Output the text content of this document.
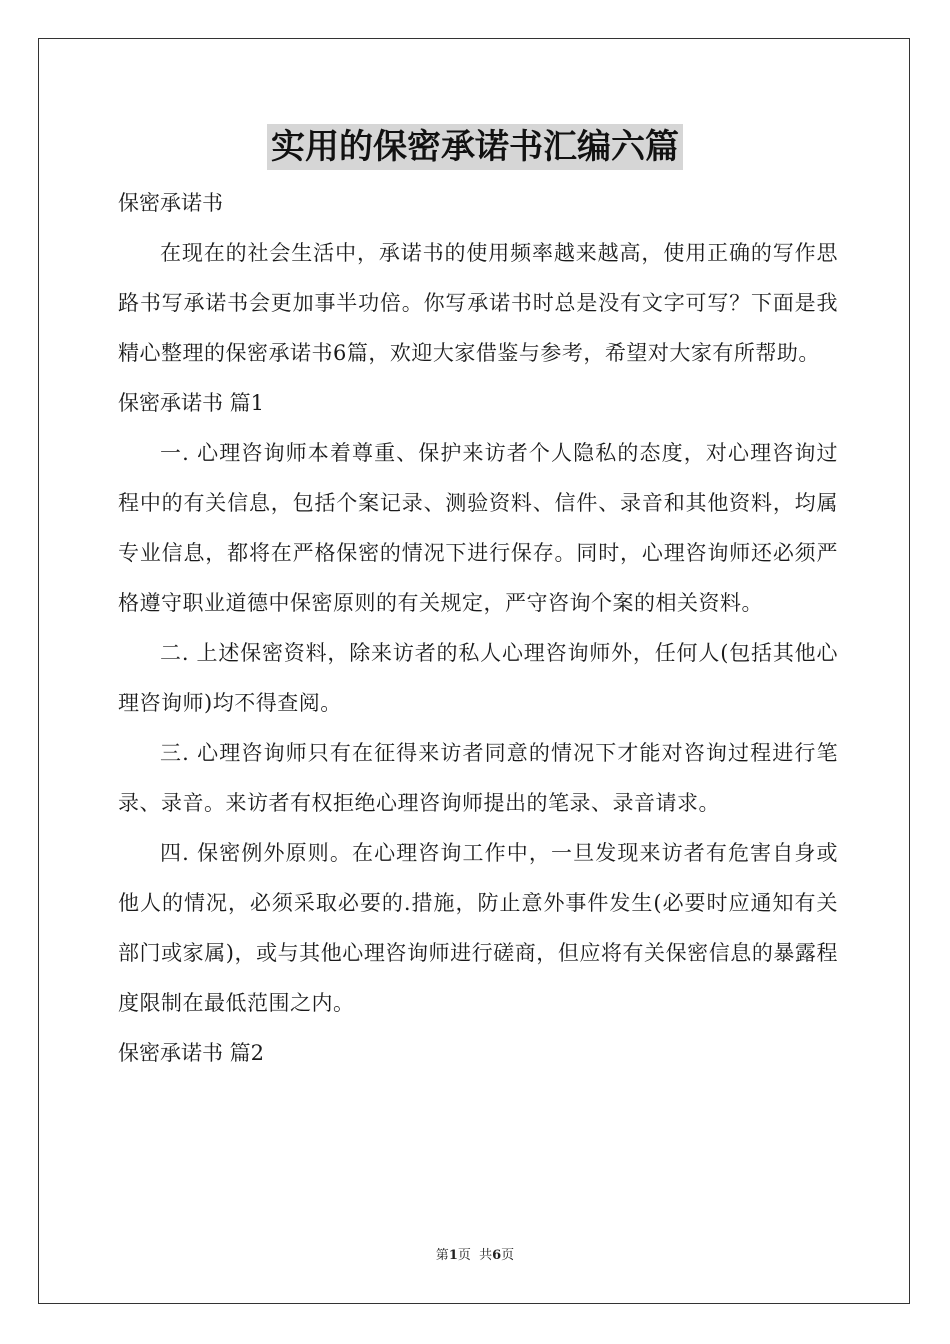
实用的保密承诺书汇编六篇

保密承诺书

在现在的社会生活中，承诺书的使用频率越来越高，使用正确的写作思路书写承诺书会更加事半功倍。你写承诺书时总是没有文字可写？下面是我精心整理的保密承诺书6篇，欢迎大家借鉴与参考，希望对大家有所帮助。

保密承诺书 篇1

一. 心理咨询师本着尊重、保护来访者个人隐私的态度，对心理咨询过程中的有关信息，包括个案记录、测验资料、信件、录音和其他资料，均属专业信息，都将在严格保密的情况下进行保存。同时，心理咨询师还必须严格遵守职业道德中保密原则的有关规定，严守咨询个案的相关资料。

二. 上述保密资料，除来访者的私人心理咨询师外，任何人(包括其他心理咨询师)均不得查阅。

三. 心理咨询师只有在征得来访者同意的情况下才能对咨询过程进行笔录、录音。来访者有权拒绝心理咨询师提出的笔录、录音请求。

四. 保密例外原则。在心理咨询工作中，一旦发现来访者有危害自身或他人的情况，必须采取必要的.措施，防止意外事件发生(必要时应通知有关部门或家属)，或与其他心理咨询师进行磋商，但应将有关保密信息的暴露程度限制在最低范围之内。

保密承诺书 篇2

第1页  共6页
